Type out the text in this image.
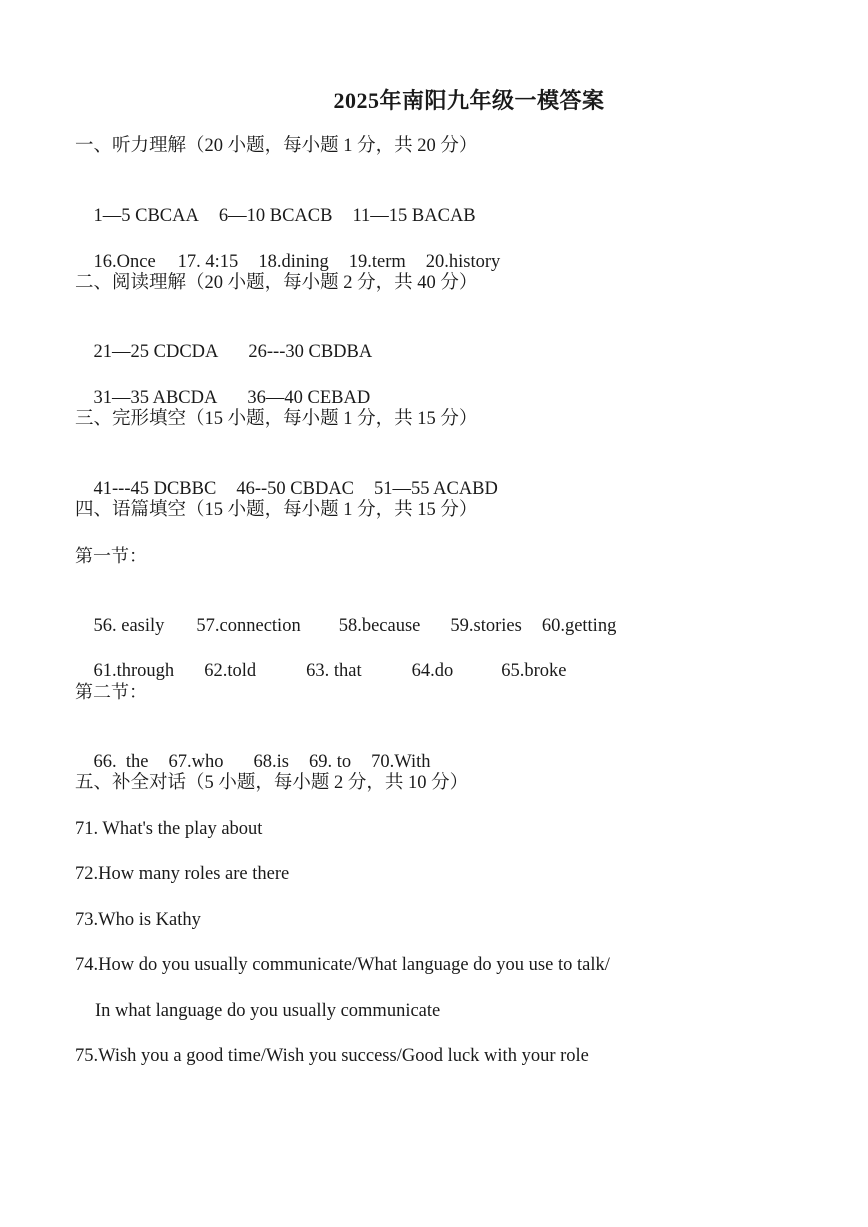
2025年南阳九年级一模答案
一、听力理解（20 小题，每小题 1 分，共 20 分）

1—5 CBCAA 6—10 BCACB 11—15 BACAB

16.Once 17. 4:15 18.dining 19.term 20.history

二、阅读理解（20 小题，每小题 2 分，共 40 分）

21—25 CDCDA 26---30 CBDBA

31—35 ABCDA 36—40 CEBAD

三、完形填空（15 小题，每小题 1 分，共 15 分）

41---45 DCBBC 46--50 CBDAC 51—55 ACABD

四、语篇填空（15 小题，每小题 1 分，共 15 分）
第一节：

56. easily 57.connection 58.because 59.stories 60.getting

61.through 62.told	63. that	64.do	65.broke

第二节：

66.  the 67.who 68.is 69. to 70.With

五、补全对话（5 小题，每小题 2 分，共 10 分）
71. What's the play about
72.How many roles are there
73.Who is Kathy
74.How do you usually communicate/What language do you use to talk/
In what language do you usually communicate
75.Wish you a good time/Wish you success/Good luck with your role
